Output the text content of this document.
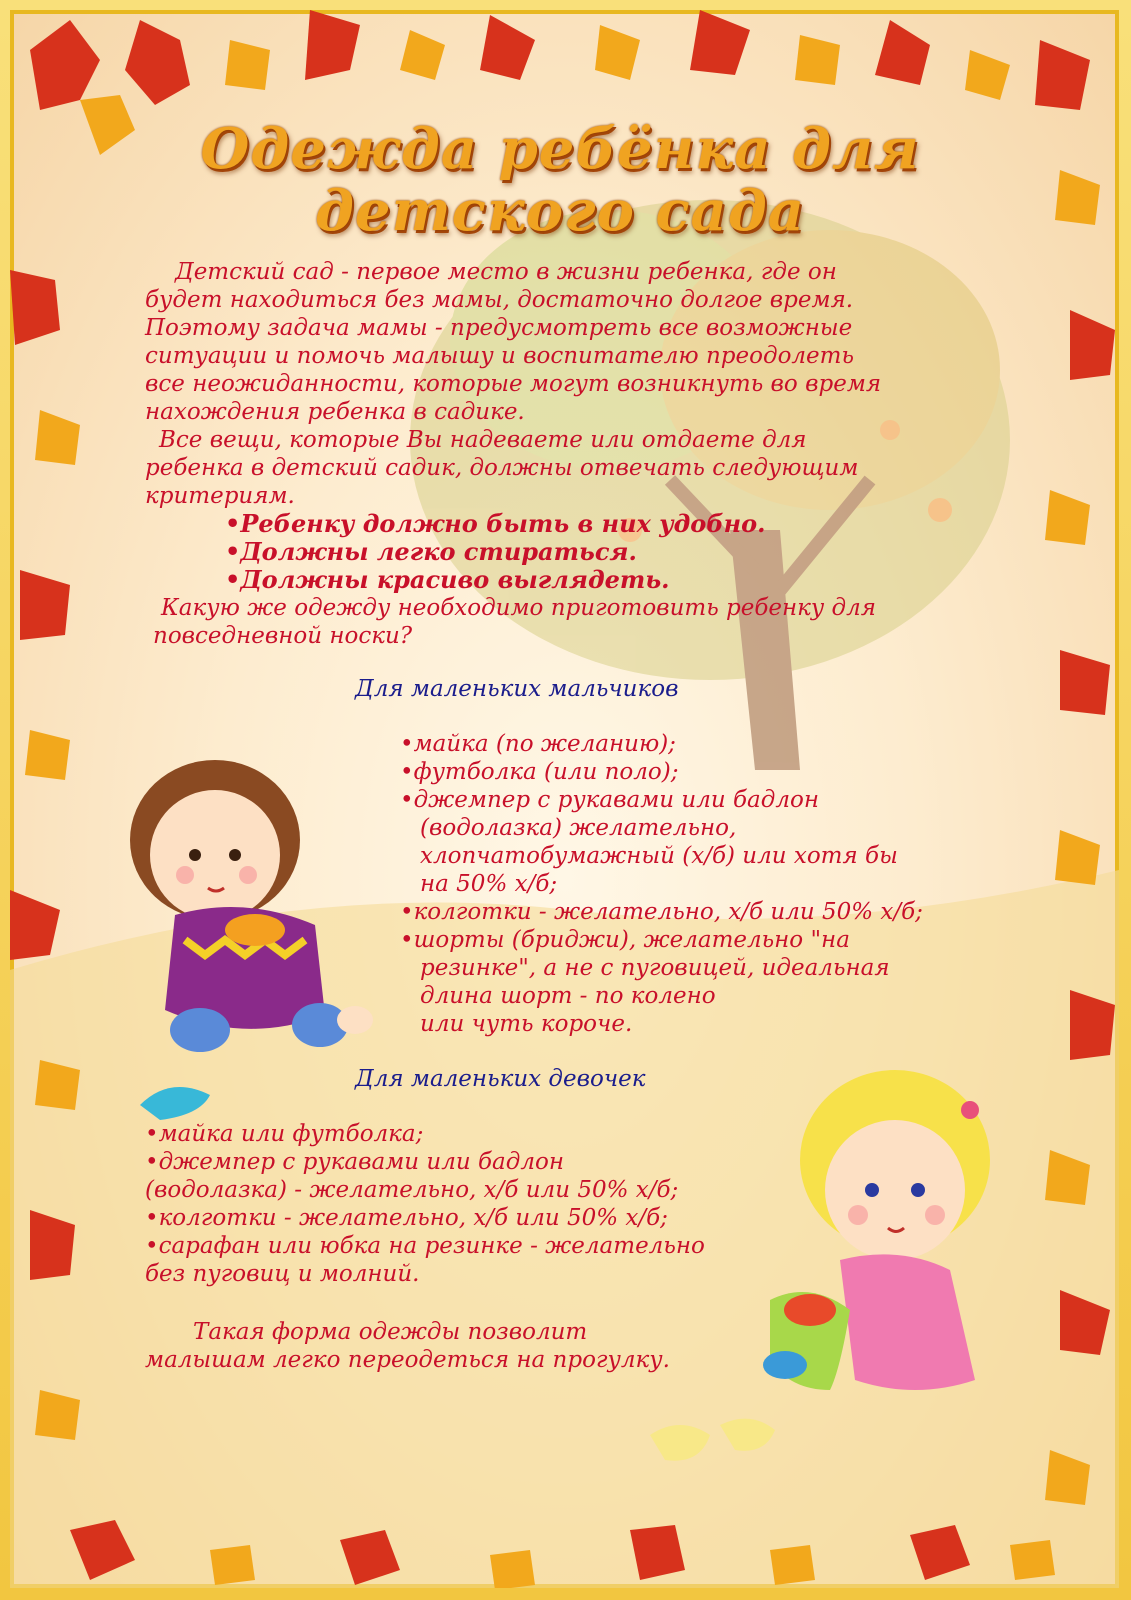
Одежда ребёнка для
детского сада
Детский сад - первое место в жизни ребенка, где он
будет находиться без мамы, достаточно долгое время.
Поэтому задача мамы - предусмотреть все возможные
ситуации и помочь малышу и воспитателю преодолеть
все неожиданности, которые могут возникнуть во время
нахождения ребенка в садике.
Все вещи, которые Вы надеваете или отдаете для
ребенка в детский садик, должны отвечать следующим
критериям.
•Ребенку должно быть в них удобно.
•Должны легко стираться.
•Должны красиво выглядеть.
Какую же одежду необходимо приготовить ребенку для
повседневной носки?
Для маленьких мальчиков
•майка (по желанию);
•футболка (или поло);
•джемпер с рукавами или бадлон
(водолазка) желательно,
хлопчатобумажный (х/б) или хотя бы
на 50% х/б;
•колготки - желательно, х/б или 50% х/б;
•шорты (бриджи), желательно "на
резинке", а не с пуговицей, идеальная
длина шорт - по колено
или чуть короче.
Для маленьких девочек
•майка или футболка;
•джемпер с рукавами или бадлон
(водолазка) - желательно, х/б или 50% х/б;
•колготки - желательно, х/б или 50% х/б;
•сарафан или юбка на резинке - желательно
без пуговиц и молний.
Такая форма одежды позволит
малышам легко переодеться на прогулку.
